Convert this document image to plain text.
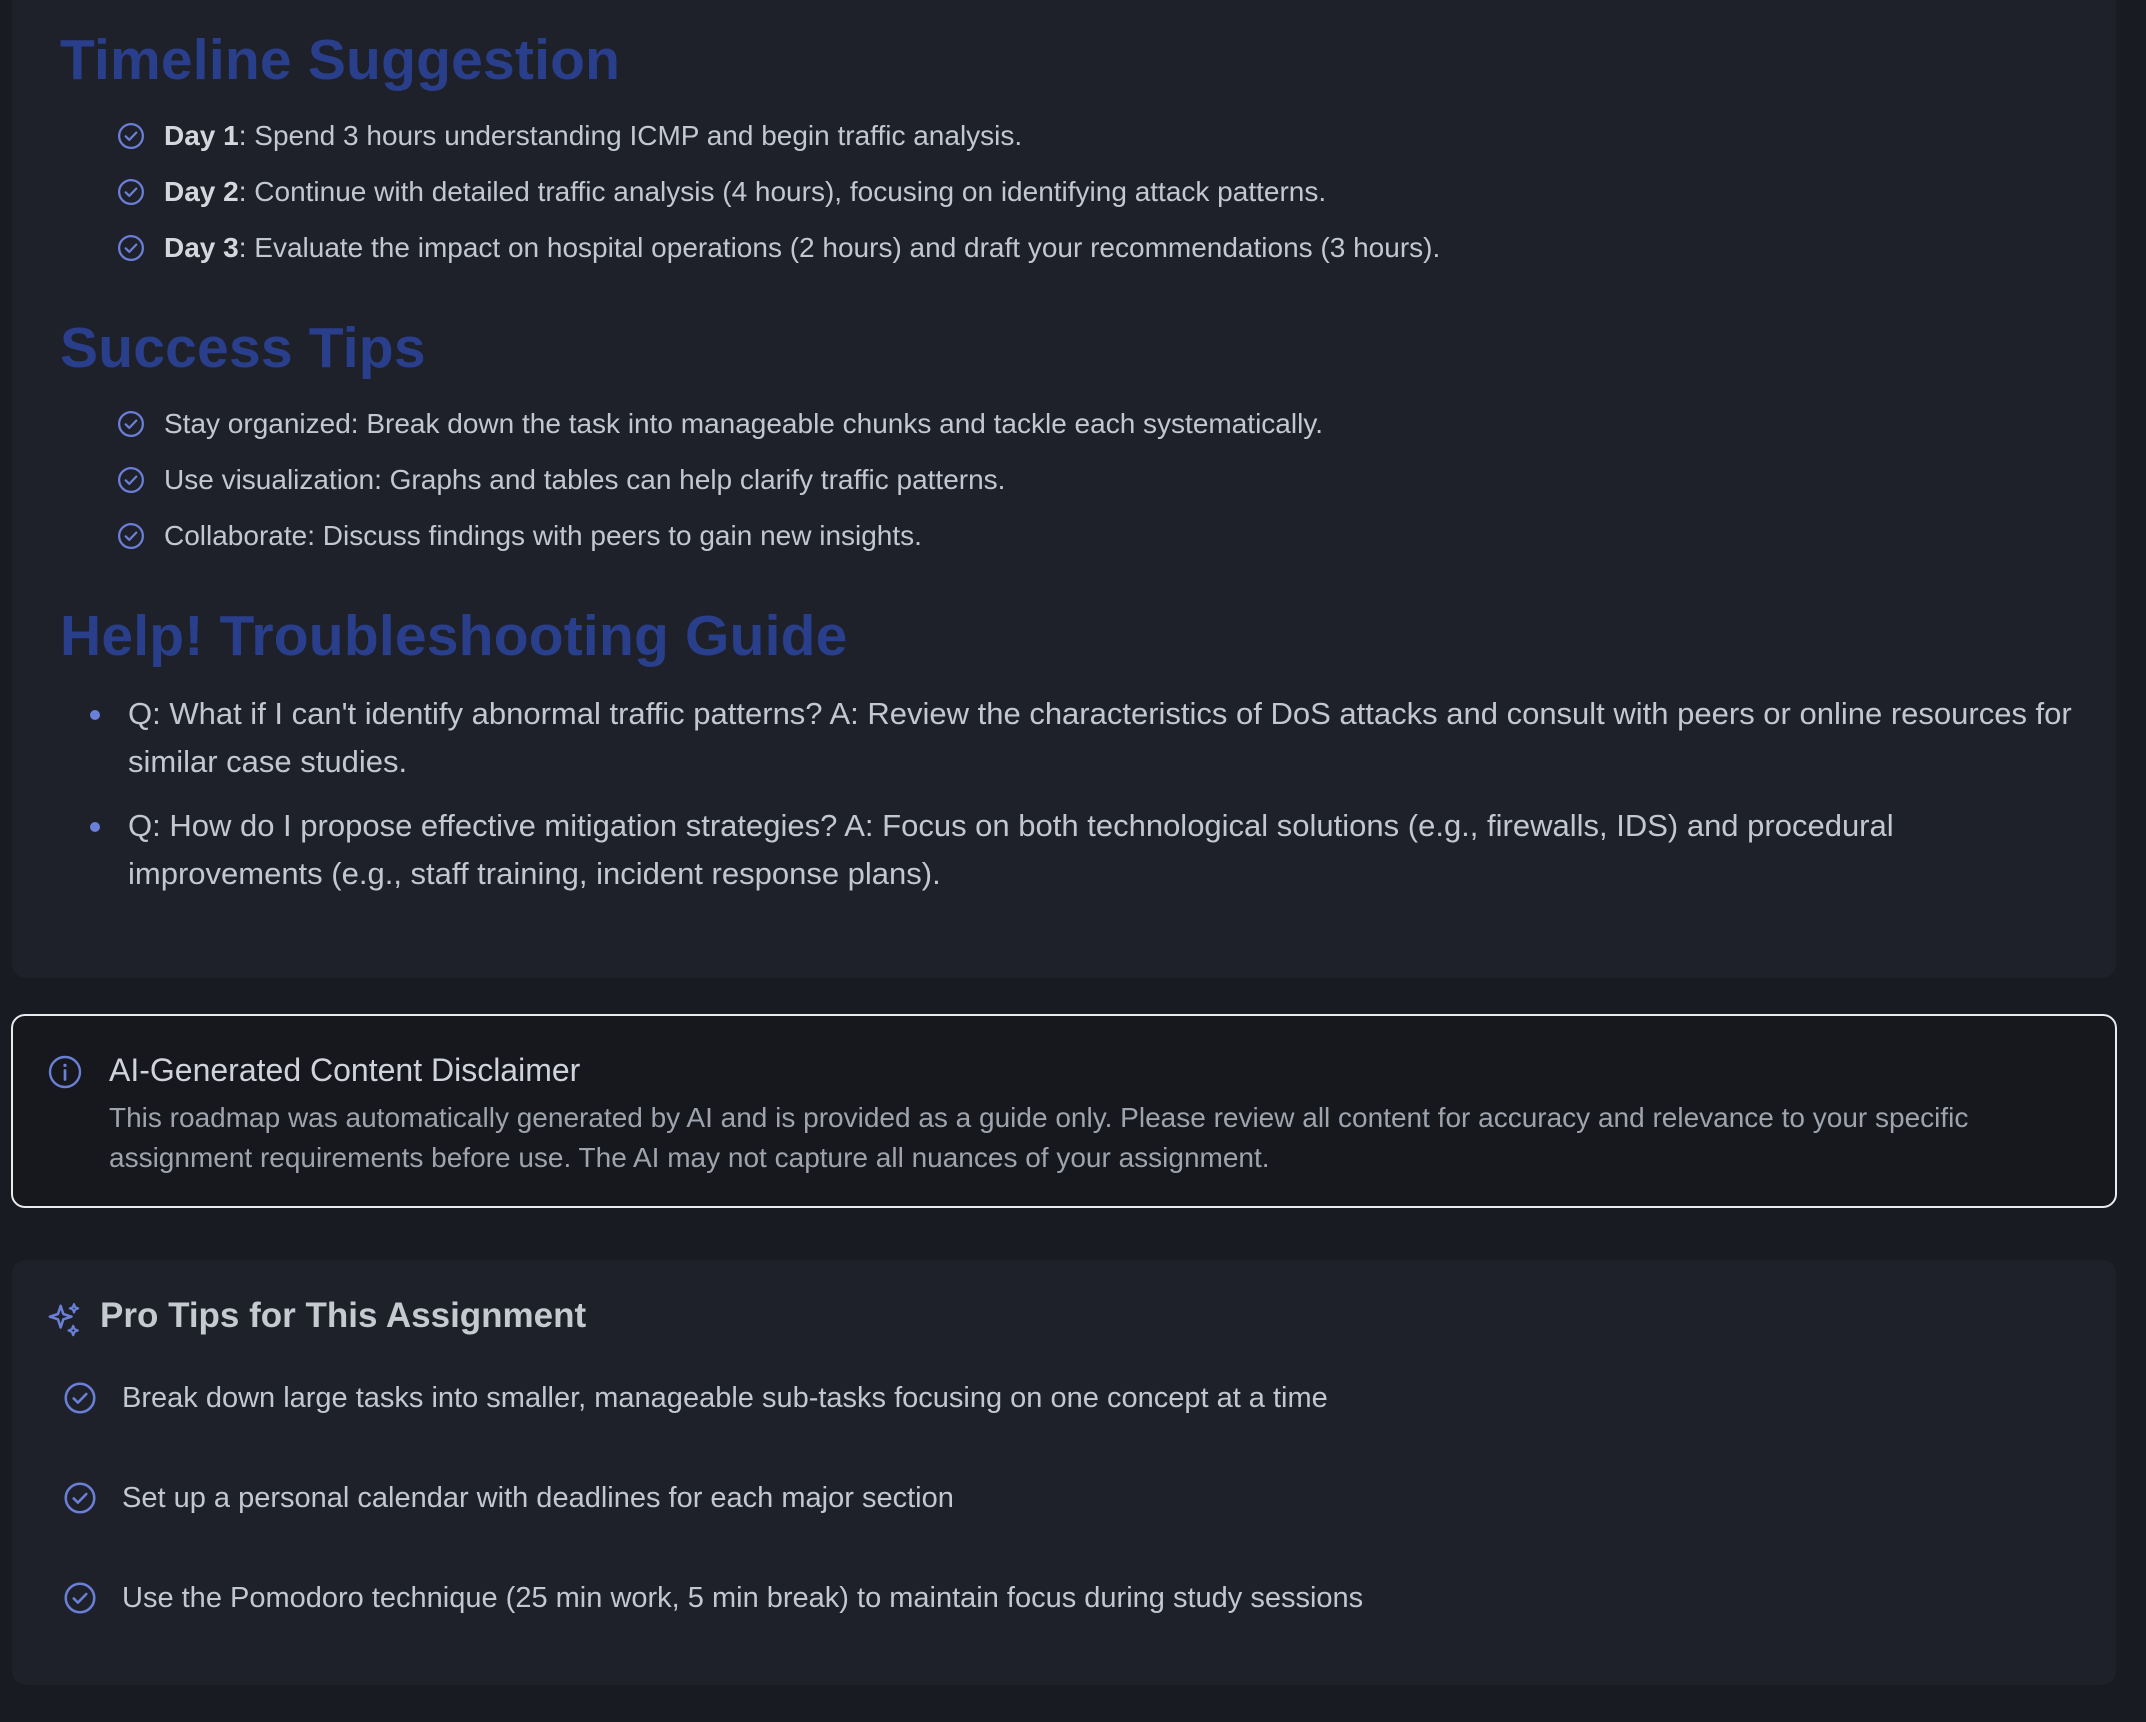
Timeline Suggestion
Day 1: Spend 3 hours understanding ICMP and begin traffic analysis.
Day 2: Continue with detailed traffic analysis (4 hours), focusing on identifying attack patterns.
Day 3: Evaluate the impact on hospital operations (2 hours) and draft your recommendations (3 hours).
Success Tips
Stay organized: Break down the task into manageable chunks and tackle each systematically.
Use visualization: Graphs and tables can help clarify traffic patterns.
Collaborate: Discuss findings with peers to gain new insights.
Help! Troubleshooting Guide
Q: What if I can't identify abnormal traffic patterns? A: Review the characteristics of DoS attacks and consult with peers or online resources for similar case studies.
Q: How do I propose effective mitigation strategies? A: Focus on both technological solutions (e.g., firewalls, IDS) and procedural improvements (e.g., staff training, incident response plans).
AI-Generated Content Disclaimer

This roadmap was automatically generated by AI and is provided as a guide only. Please review all content for accuracy and relevance to your specific assignment requirements before use. The AI may not capture all nuances of your assignment.

Pro Tips for This Assignment
Break down large tasks into smaller, manageable sub-tasks focusing on one concept at a time
Set up a personal calendar with deadlines for each major section
Use the Pomodoro technique (25 min work, 5 min break) to maintain focus during study sessions
